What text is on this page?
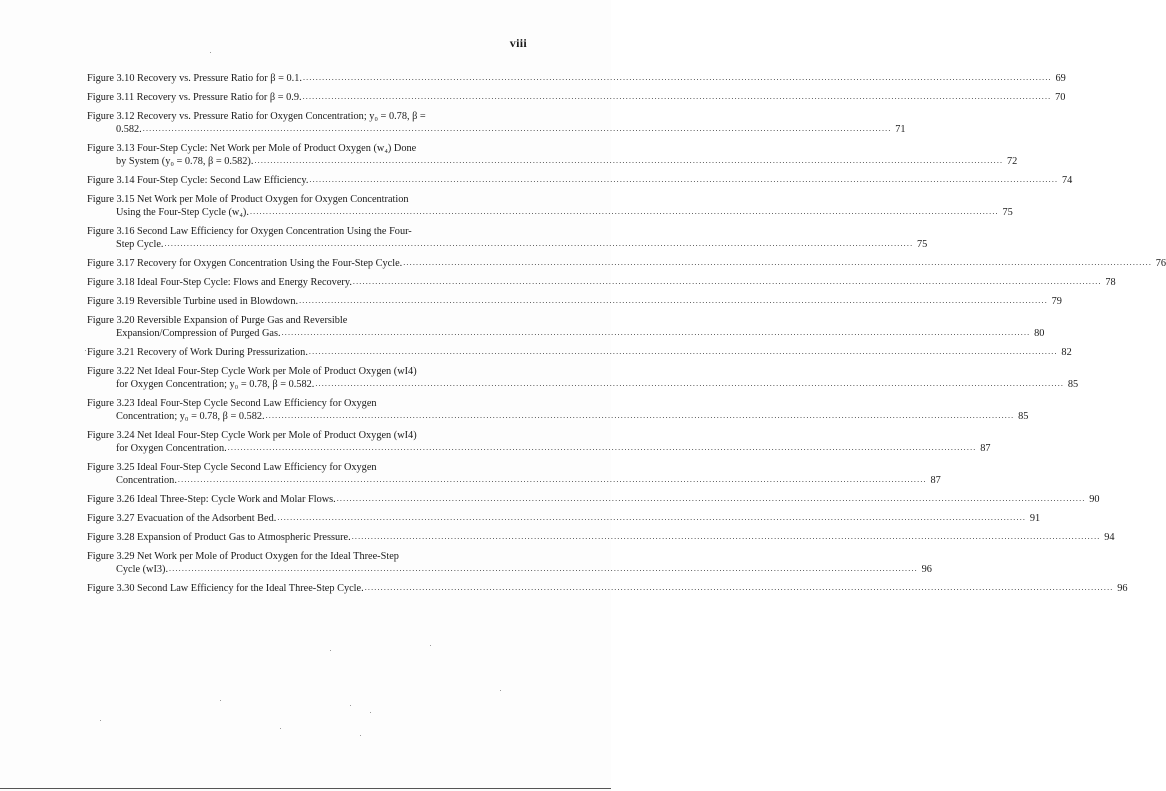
viii
Figure 3.10 Recovery vs. Pressure Ratio for β = 0.1. .....	69
Figure 3.11 Recovery vs. Pressure Ratio for β = 0.9. .....	70
Figure 3.12 Recovery vs. Pressure Ratio for Oxygen Concentration; y₀ = 0.78, β =
0.582. .....	71
Figure 3.13 Four-Step Cycle: Net Work per Mole of Product Oxygen (w₄) Done
by System (y₀ = 0.78, β = 0.582). .....	72
Figure 3.14 Four-Step Cycle: Second Law Efficiency. .....	74
Figure 3.15 Net Work per Mole of Product Oxygen for Oxygen Concentration
Using the Four-Step Cycle (w₄). .....	75
Figure 3.16 Second Law Efficiency for Oxygen Concentration Using the Four-
Step Cycle. .....	75
Figure 3.17 Recovery for Oxygen Concentration Using the Four-Step Cycle. .....	76
Figure 3.18 Ideal Four-Step Cycle: Flows and Energy Recovery. .....	78
Figure 3.19 Reversible Turbine used in Blowdown. .....	79
Figure 3.20 Reversible Expansion of Purge Gas and Reversible
Expansion/Compression of Purged Gas. .....	80
Figure 3.21 Recovery of Work During Pressurization. .....	82
Figure 3.22 Net Ideal Four-Step Cycle Work per Mole of Product Oxygen (wI4)
for Oxygen Concentration; y₀ = 0.78, β = 0.582. .....	85
Figure 3.23 Ideal Four-Step Cycle Second Law Efficiency for Oxygen
Concentration; y₀ = 0.78, β = 0.582. .....	85
Figure 3.24 Net Ideal Four-Step Cycle Work per Mole of Product Oxygen (wI4)
for Oxygen Concentration. .....	87
Figure 3.25 Ideal Four-Step Cycle Second Law Efficiency for Oxygen
Concentration. .....	87
Figure 3.26 Ideal Three-Step: Cycle Work and Molar Flows. .....	90
Figure 3.27 Evacuation of the Adsorbent Bed. .....	91
Figure 3.28 Expansion of Product Gas to Atmospheric Pressure. .....	94
Figure 3.29 Net Work per Mole of Product Oxygen for the Ideal Three-Step
Cycle (wI3). .....	96
Figure 3.30 Second Law Efficiency for the Ideal Three-Step Cycle. .....	96
